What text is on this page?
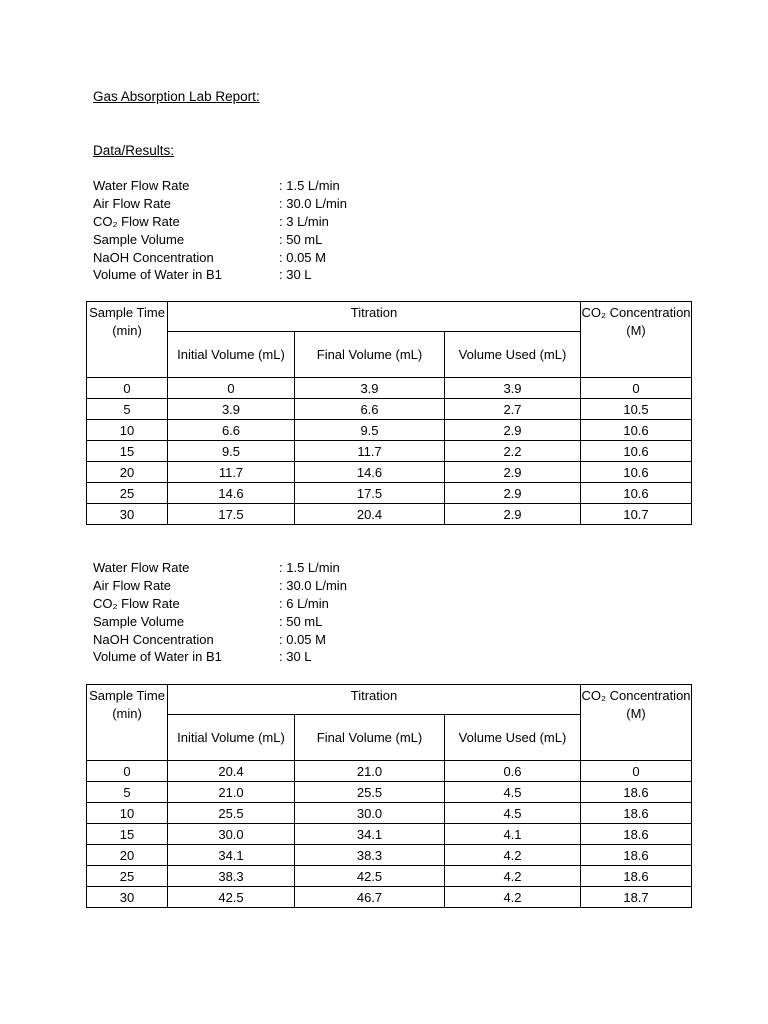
Gas Absorption Lab Report:
Data/Results:
Water Flow Rate	: 1.5 L/min
Air Flow Rate	: 30.0 L/min
CO₂ Flow Rate	: 3 L/min
Sample Volume	: 50 mL
NaOH Concentration	: 0.05 M
Volume of Water in B1	: 30 L
Sample Time (min)	Titration			CO₂ Concentration (M)
	Initial Volume (mL)	Final Volume (mL)	Volume Used (mL)	
0	0	3.9	3.9	0
5	3.9	6.6	2.7	10.5
10	6.6	9.5	2.9	10.6
15	9.5	11.7	2.2	10.6
20	11.7	14.6	2.9	10.6
25	14.6	17.5	2.9	10.6
30	17.5	20.4	2.9	10.7
Water Flow Rate	: 1.5 L/min
Air Flow Rate	: 30.0 L/min
CO₂ Flow Rate	: 6 L/min
Sample Volume	: 50 mL
NaOH Concentration	: 0.05 M
Volume of Water in B1	: 30 L
Sample Time (min)	Titration			CO₂ Concentration (M)
	Initial Volume (mL)	Final Volume (mL)	Volume Used (mL)	
0	20.4	21.0	0.6	0
5	21.0	25.5	4.5	18.6
10	25.5	30.0	4.5	18.6
15	30.0	34.1	4.1	18.6
20	34.1	38.3	4.2	18.6
25	38.3	42.5	4.2	18.6
30	42.5	46.7	4.2	18.7
